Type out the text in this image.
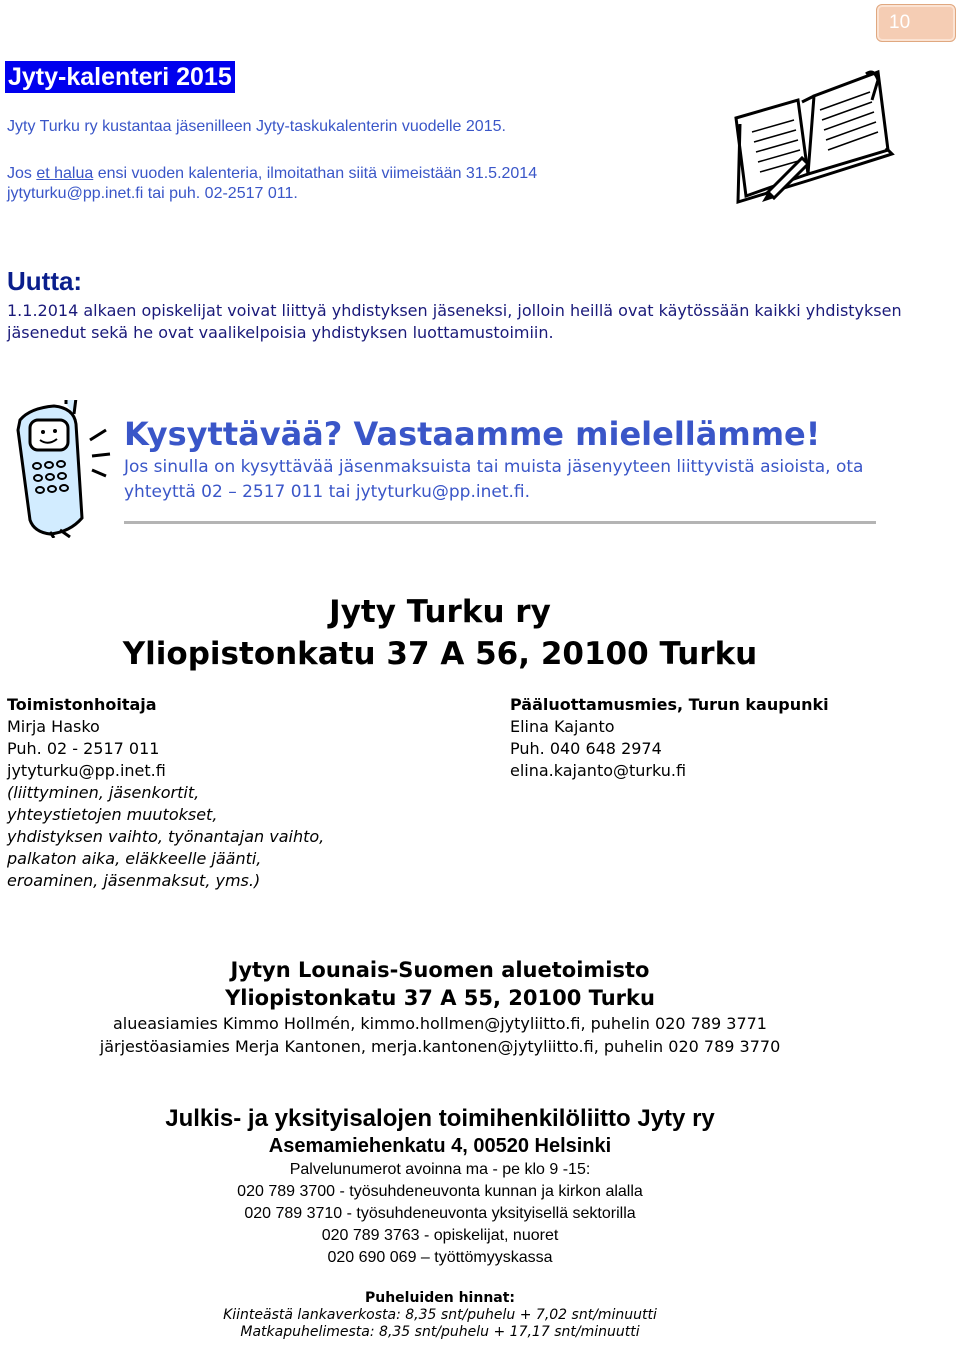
10
Jyty-kalenteri 2015
Jyty Turku ry kustantaa jäsenilleen Jyty-taskukalenterin vuodelle 2015.
Jos et halua ensi vuoden kalenteria, ilmoitathan siitä viimeistään 31.5.2014
jytyturku@pp.inet.fi tai puh. 02-2517 011.
Uutta:
1.1.2014 alkaen opiskelijat voivat liittyä yhdistyksen jäseneksi, jolloin heillä ovat käytössään kaikki yhdistyksen jäsenedut sekä he ovat vaalikelpoisia yhdistyksen luottamustoimiin.
Kysyttävää? Vastaamme mielellämme!
Jos sinulla on kysyttävää jäsenmaksuista tai muista jäsenyyteen liittyvistä asioista, ota yhteyttä 02 – 2517 011 tai jytyturku@pp.inet.fi.
Jyty Turku ry
Yliopistonkatu 37 A 56, 20100 Turku
Toimistonhoitaja
Mirja Hasko
Puh. 02 - 2517 011
jytyturku@pp.inet.fi
(liittyminen, jäsenkortit,
yhteystietojen muutokset,
yhdistyksen vaihto, työnantajan vaihto,
palkaton aika, eläkkeelle jäänti,
eroaminen, jäsenmaksut, yms.)
Pääluottamusmies, Turun kaupunki
Elina Kajanto
Puh. 040 648 2974
elina.kajanto@turku.fi
Jytyn Lounais-Suomen aluetoimisto
Yliopistonkatu 37 A 55, 20100 Turku
alueasiamies Kimmo Hollmén, kimmo.hollmen@jytyliitto.fi, puhelin 020 789 3771
järjestöasiamies Merja Kantonen, merja.kantonen@jytyliitto.fi, puhelin 020 789 3770
Julkis- ja yksityisalojen toimihenkilöliitto Jyty ry
Asemamiehenkatu 4, 00520 Helsinki
Palvelunumerot avoinna ma - pe klo 9 -15:
020 789 3700 - työsuhdeneuvonta kunnan ja kirkon alalla
020 789 3710 - työsuhdeneuvonta yksityisellä sektorilla
020 789 3763 - opiskelijat, nuoret
020 690 069 – työttömyyskassa
Puheluiden hinnat:
Kiinteästä lankaverkosta: 8,35 snt/puhelu + 7,02 snt/minuutti
Matkapuhelimesta: 8,35 snt/puhelu + 17,17 snt/minuutti
